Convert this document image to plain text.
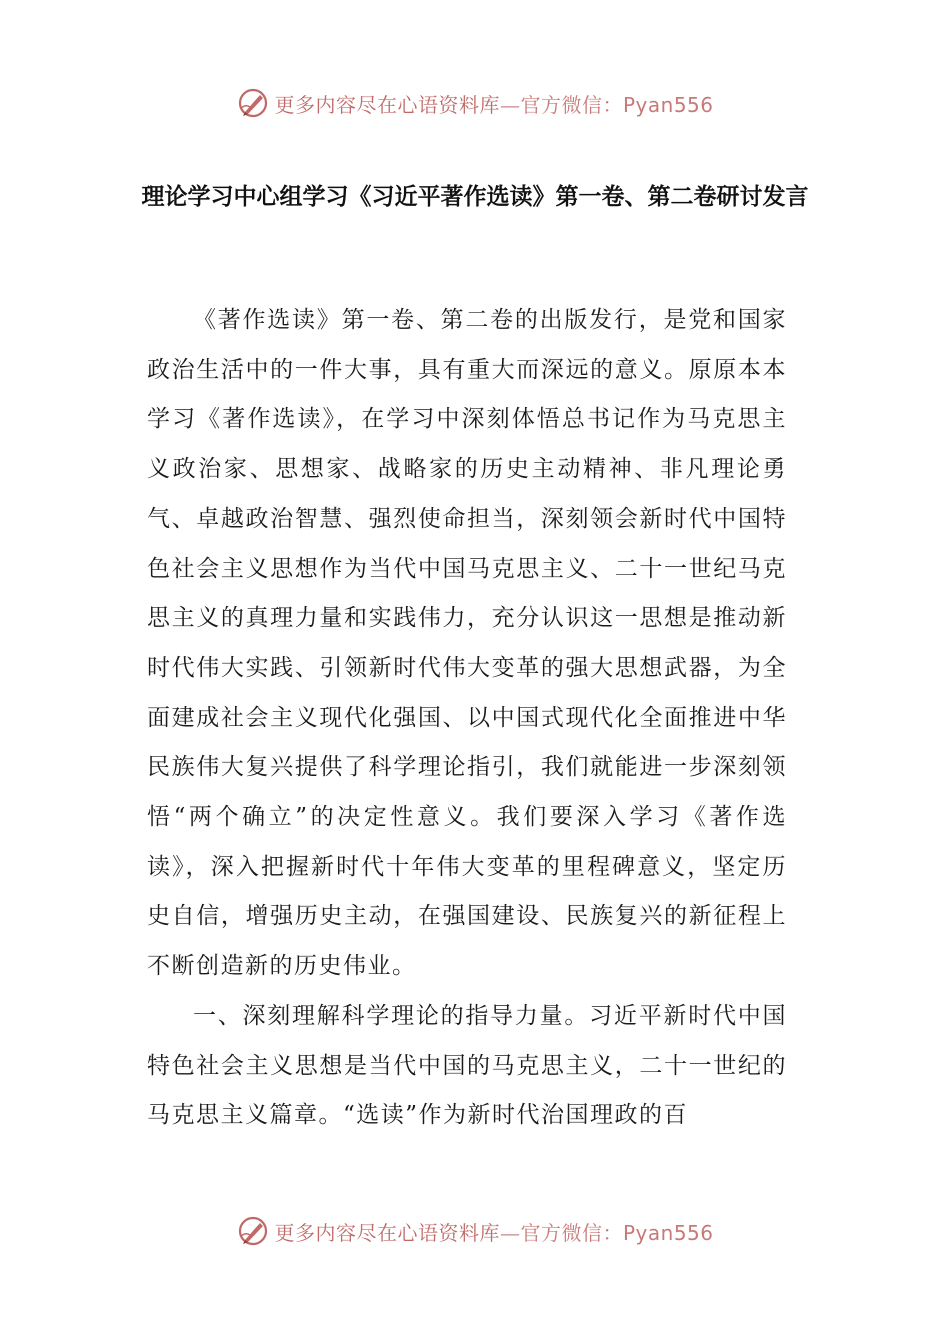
更多内容尽在心语资料库—官方微信：Pyan556
理论学习中心组学习《习近平著作选读》第一卷、第二卷研讨发言

《著作选读》第一卷、第二卷的出版发行，是党和国家政治生活中的一件大事，具有重大而深远的意义。原原本本学习《著作选读》，在学习中深刻体悟总书记作为马克思主义政治家、思想家、战略家的历史主动精神、非凡理论勇气、卓越政治智慧、强烈使命担当，深刻领会新时代中国特色社会主义思想作为当代中国马克思主义、二十一世纪马克思主义的真理力量和实践伟力，充分认识这一思想是推动新时代伟大实践、引领新时代伟大变革的强大思想武器，为全面建成社会主义现代化强国、以中国式现代化全面推进中华民族伟大复兴提供了科学理论指引，我们就能进一步深刻领悟“两个确立”的决定性意义。我们要深入学习《著作选读》，深入把握新时代十年伟大变革的里程碑意义，坚定历史自信，增强历史主动，在强国建设、民族复兴的新征程上不断创造新的历史伟业。

一、深刻理解科学理论的指导力量。习近平新时代中国特色社会主义思想是当代中国的马克思主义，二十一世纪的马克思主义篇章。“选读”作为新时代治国理政的百

更多内容尽在心语资料库—官方微信：Pyan556
